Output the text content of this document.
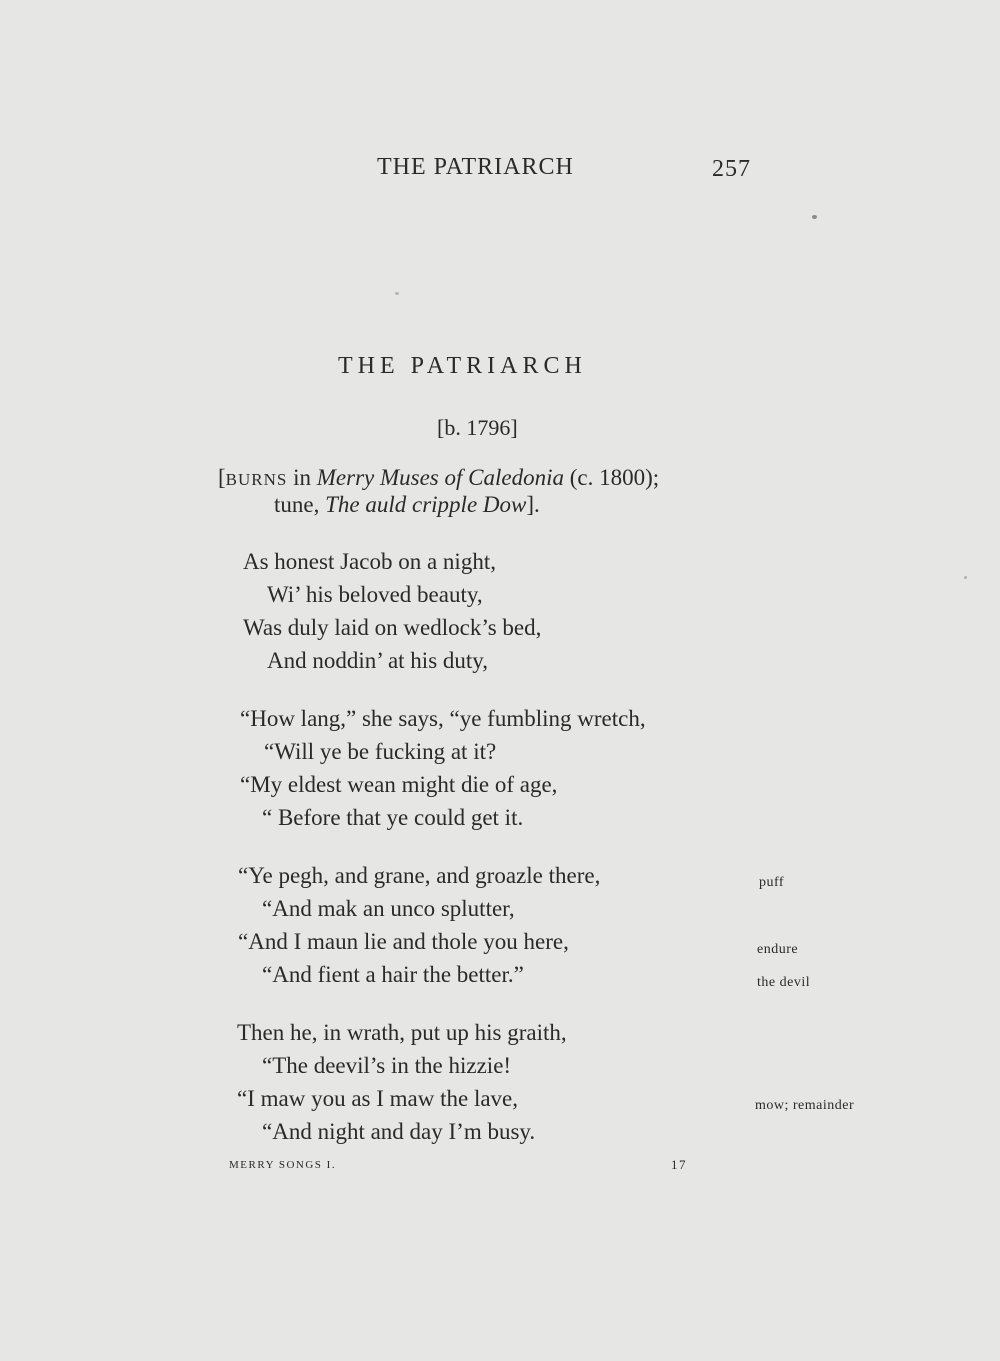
THE PATRIARCH	257
THE PATRIARCH
[b. 1796]
[BURNS in Merry Muses of Caledonia (c. 1800);
tune, The auld cripple Dow].
As honest Jacob on a night,
Wi’ his beloved beauty,
Was duly laid on wedlock’s bed,
And noddin’ at his duty,
“How lang,” she says, “ye fumbling wretch,
“Will ye be fucking at it?
“My eldest wean might die of age,
“ Before that ye could get it.
“Ye pegh, and grane, and groazle there,
“And mak an unco splutter,
“And I maun lie and thole you here,
“And fient a hair the better.”
Then he, in wrath, put up his graith,
“The deevil’s in the hizzie!
“I maw you as I maw the lave,
“And night and day I’m busy.
puff
endure
the devil
mow; remainder
MERRY SONGS I.	17
